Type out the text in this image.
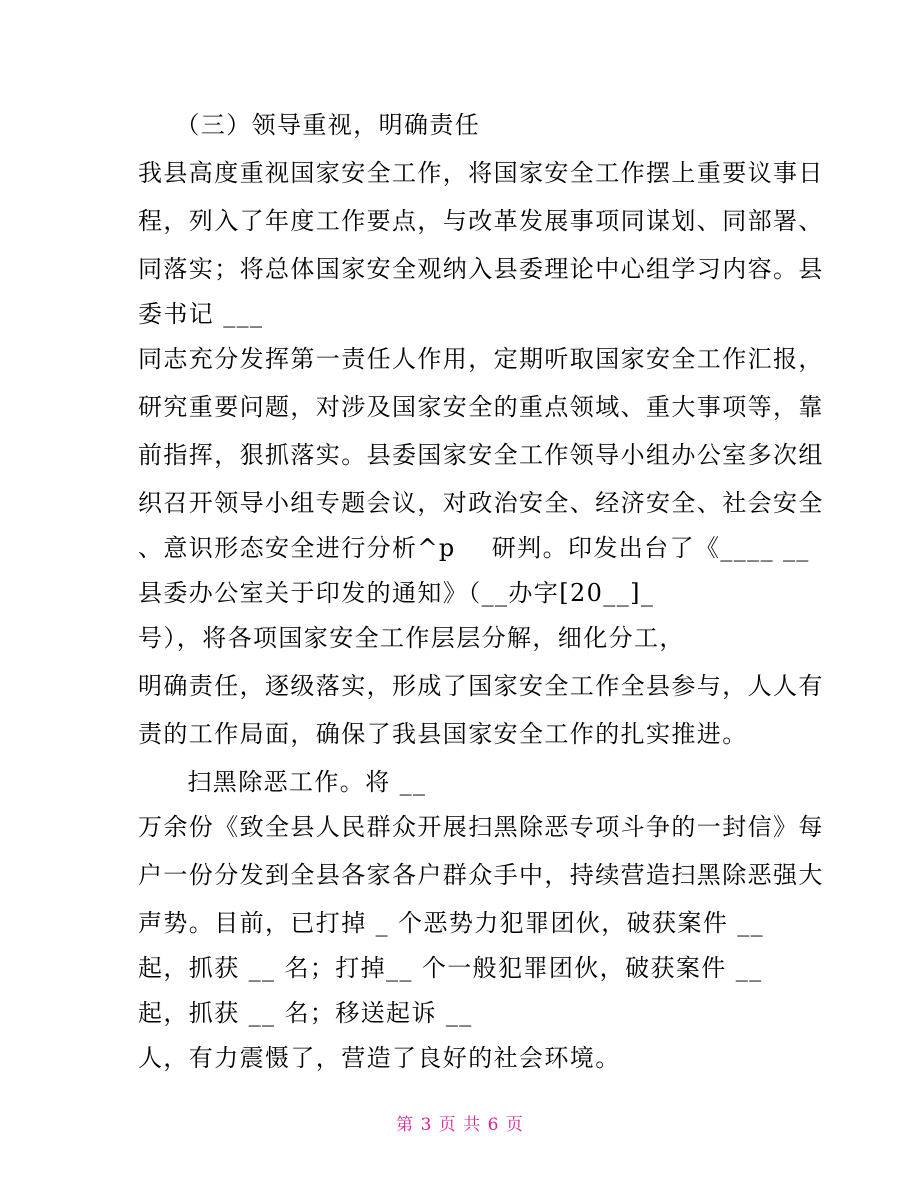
　（三）领导重视，明确责任
我县高度重视国家安全工作，将国家安全工作摆上重要议事日
程，列入了年度工作要点，与改革发展事项同谋划、同部署、
同落实；将总体国家安全观纳入县委理论中心组学习内容。县
委书记 ___
同志充分发挥第一责任人作用，定期听取国家安全工作汇报，
研究重要问题，对涉及国家安全的重点领域、重大事项等，靠
前指挥，狠抓落实。县委国家安全工作领导小组办公室多次组
织召开领导小组专题会议，对政治安全、经济安全、社会安全
、意识形态安全进行分析^p    研判。印发出台了《____ __
县委办公室关于印发的通知》（__办字[20__]_
号），将各项国家安全工作层层分解，细化分工，
明确责任，逐级落实，形成了国家安全工作全县参与，人人有
责的工作局面，确保了我县国家安全工作的扎实推进。
　扫黑除恶工作。将 __
万余份《致全县人民群众开展扫黑除恶专项斗争的一封信》每
户一份分发到全县各家各户群众手中，持续营造扫黑除恶强大
声势。目前，已打掉 _ 个恶势力犯罪团伙，破获案件 __
起，抓获 __ 名；打掉__ 个一般犯罪团伙，破获案件 __
起，抓获 __ 名；移送起诉 __
人，有力震慑了，营造了良好的社会环境。
第 3 页 共 6 页
